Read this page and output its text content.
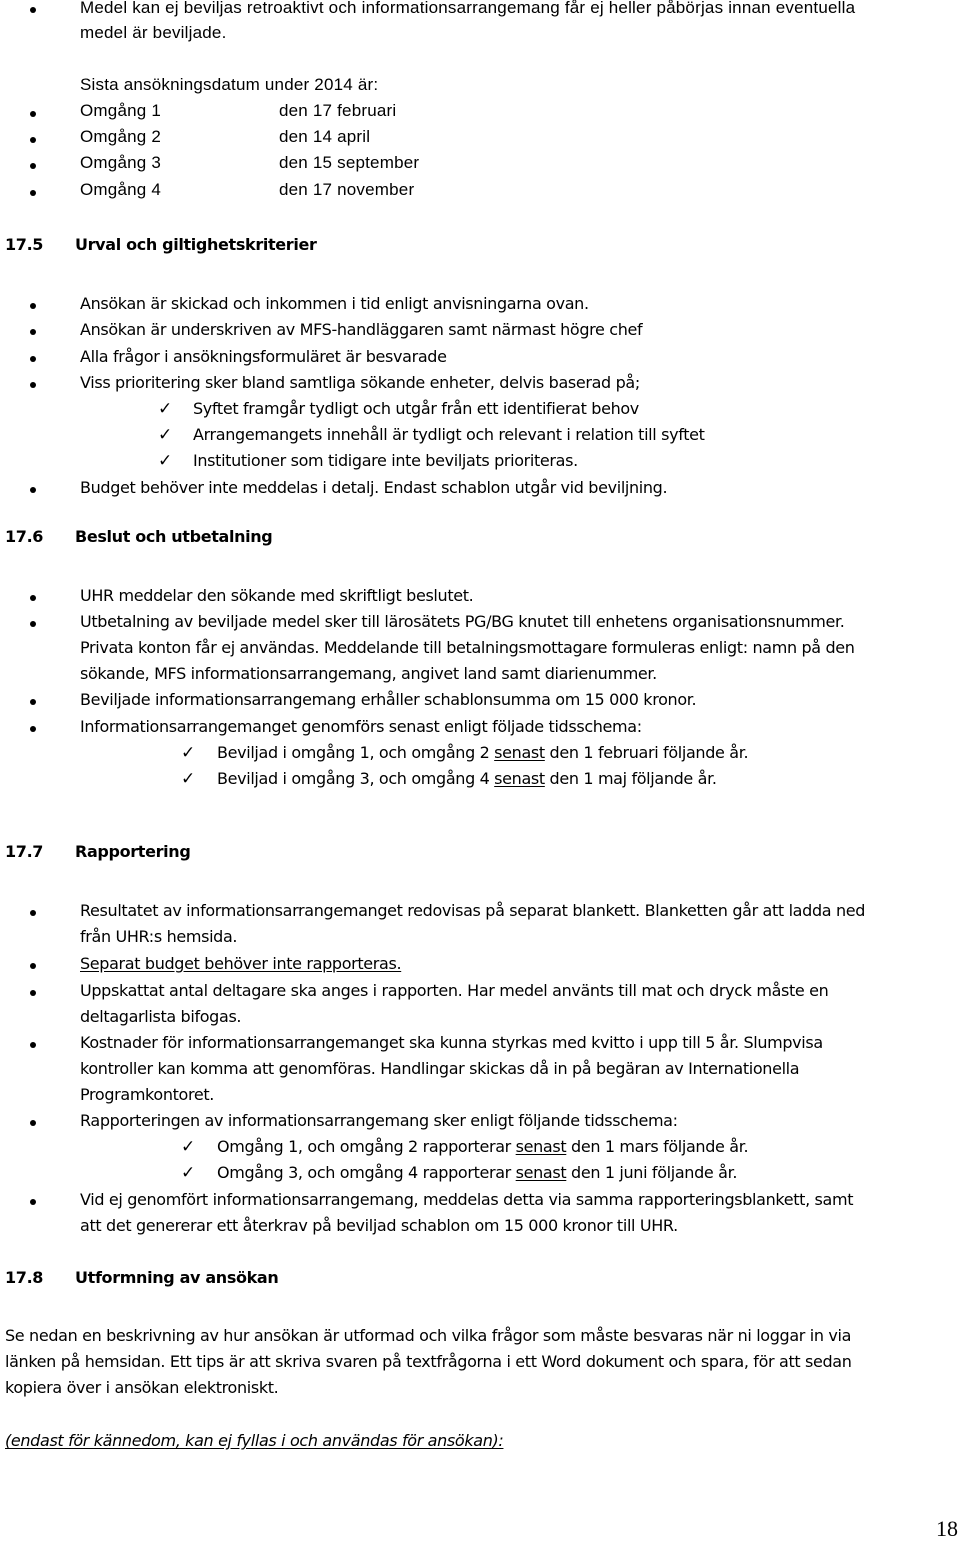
Medel kan ej beviljas retroaktivt och informationsarrangemang får ej heller påbörjas innan eventuella
medel är beviljade.
Sista ansökningsdatum under 2014 är:
Omgång 1	den 17 februari
Omgång 2	den 14 april
Omgång 3	den 15 september
Omgång 4	den 17 november
17.5 Urval och giltighetskriterier
Ansökan är skickad och inkommen i tid enligt anvisningarna ovan.
Ansökan är underskriven av MFS-handläggaren samt närmast högre chef
Alla frågor i ansökningsformuläret är besvarade
Viss prioritering sker bland samtliga sökande enheter, delvis baserad på;
✓ Syftet framgår tydligt och utgår från ett identifierat behov
✓ Arrangemangets innehåll är tydligt och relevant i relation till syftet
✓ Institutioner som tidigare inte beviljats prioriteras.
Budget behöver inte meddelas i detalj. Endast schablon utgår vid beviljning.
17.6 Beslut och utbetalning
UHR meddelar den sökande med skriftligt beslutet.
Utbetalning av beviljade medel sker till lärosätets PG/BG knutet till enhetens organisationsnummer.
Privata konton får ej användas. Meddelande till betalningsmottagare formuleras enligt: namn på den
sökande, MFS informationsarrangemang, angivet land samt diarienummer.
Beviljade informationsarrangemang erhåller schablonsumma om 15 000 kronor.
Informationsarrangemanget genomförs senast enligt följade tidsschema:
✓ Beviljad i omgång 1, och omgång 2 senast den 1 februari följande år.
✓ Beviljad i omgång 3, och omgång 4 senast den 1 maj följande år.
17.7 Rapportering
Resultatet av informationsarrangemanget redovisas på separat blankett. Blanketten går att ladda ned
från UHR:s hemsida.
Separat budget behöver inte rapporteras.
Uppskattat antal deltagare ska anges i rapporten. Har medel använts till mat och dryck måste en
deltagarlista bifogas.
Kostnader för informationsarrangemanget ska kunna styrkas med kvitto i upp till 5 år. Slumpvisa
kontroller kan komma att genomföras. Handlingar skickas då in på begäran av Internationella
Programkontoret.
Rapporteringen av informationsarrangemang sker enligt följande tidsschema:
✓ Omgång 1, och omgång 2 rapporterar senast den 1 mars följande år.
✓ Omgång 3, och omgång 4 rapporterar senast den 1 juni följande år.
Vid ej genomfört informationsarrangemang, meddelas detta via samma rapporteringsblankett, samt
att det genererar ett återkrav på beviljad schablon om 15 000 kronor till UHR.
17.8 Utformning av ansökan
Se nedan en beskrivning av hur ansökan är utformad och vilka frågor som måste besvaras när ni loggar in via
länken på hemsidan. Ett tips är att skriva svaren på textfrågorna i ett Word dokument och spara, för att sedan
kopiera över i ansökan elektroniskt.
(endast för kännedom, kan ej fyllas i och användas för ansökan):
18
